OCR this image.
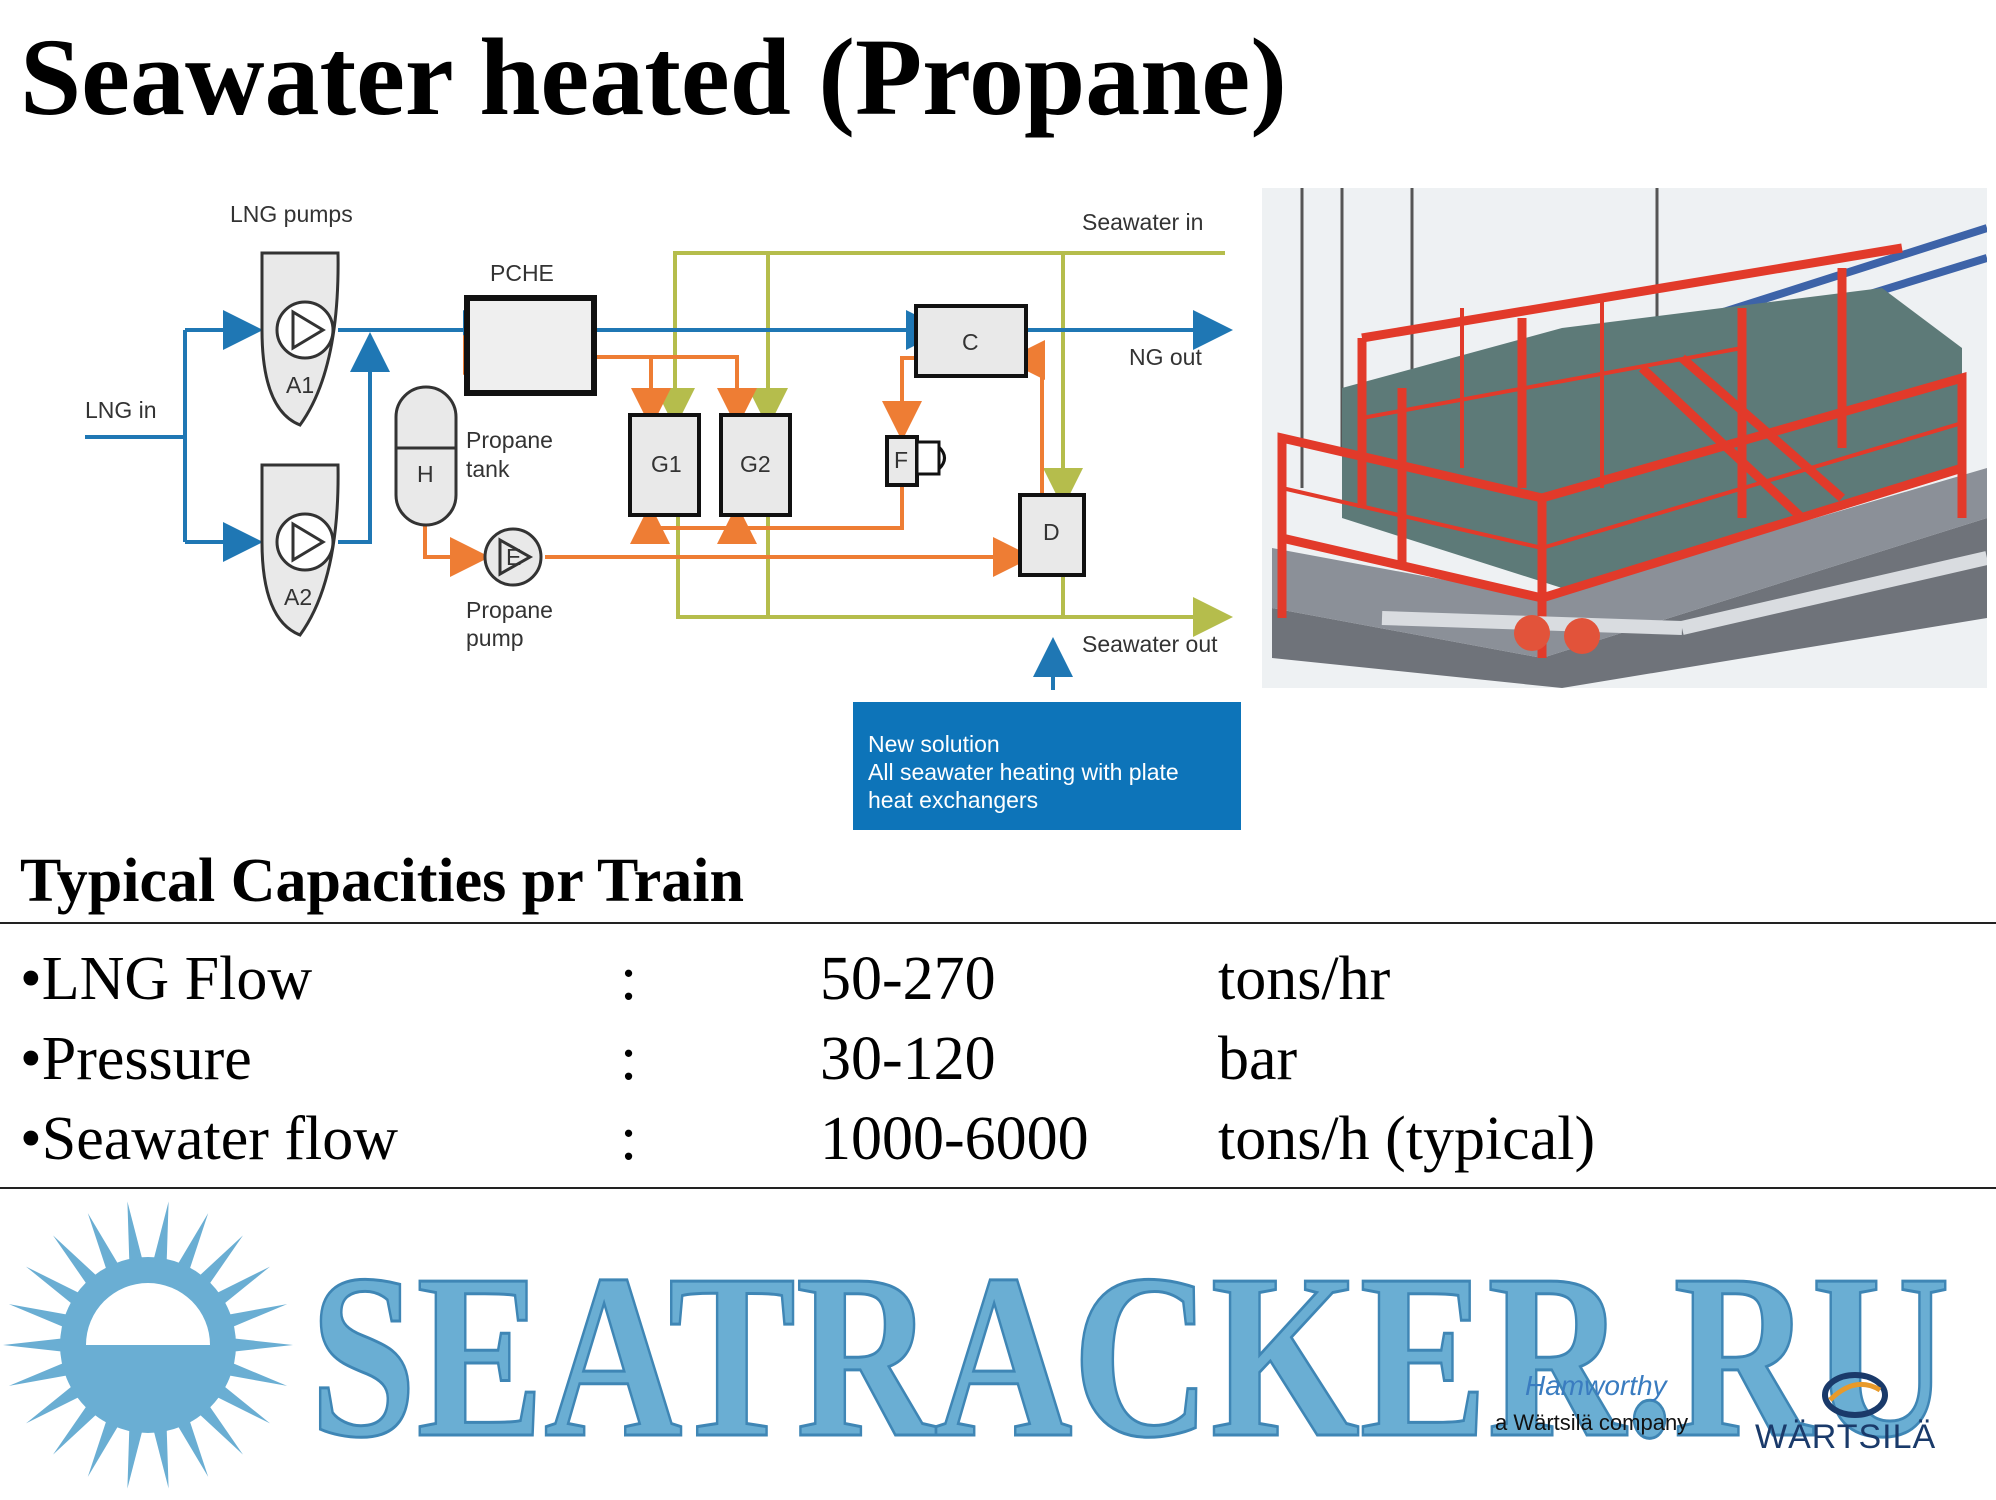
Seawater heated (Propane)
LNG pumps
LNG in
A1
A2
PCHE
Propane
tank
H
E
Propane
pump
G1	G2
C
F
D
Seawater in
NG out
Seawater out
New solution
All seawater heating with plate
heat exchangers
Typical Capacities pr Train
•LNG Flow	:	50-270	tons/hr
•Pressure	:	30-120	bar
•Seawater flow	:	1000-6000 tons/h (typical)
SEATRACKER.RU
Hamworthy
a Wärtsilä company WÄRTSILÄ
